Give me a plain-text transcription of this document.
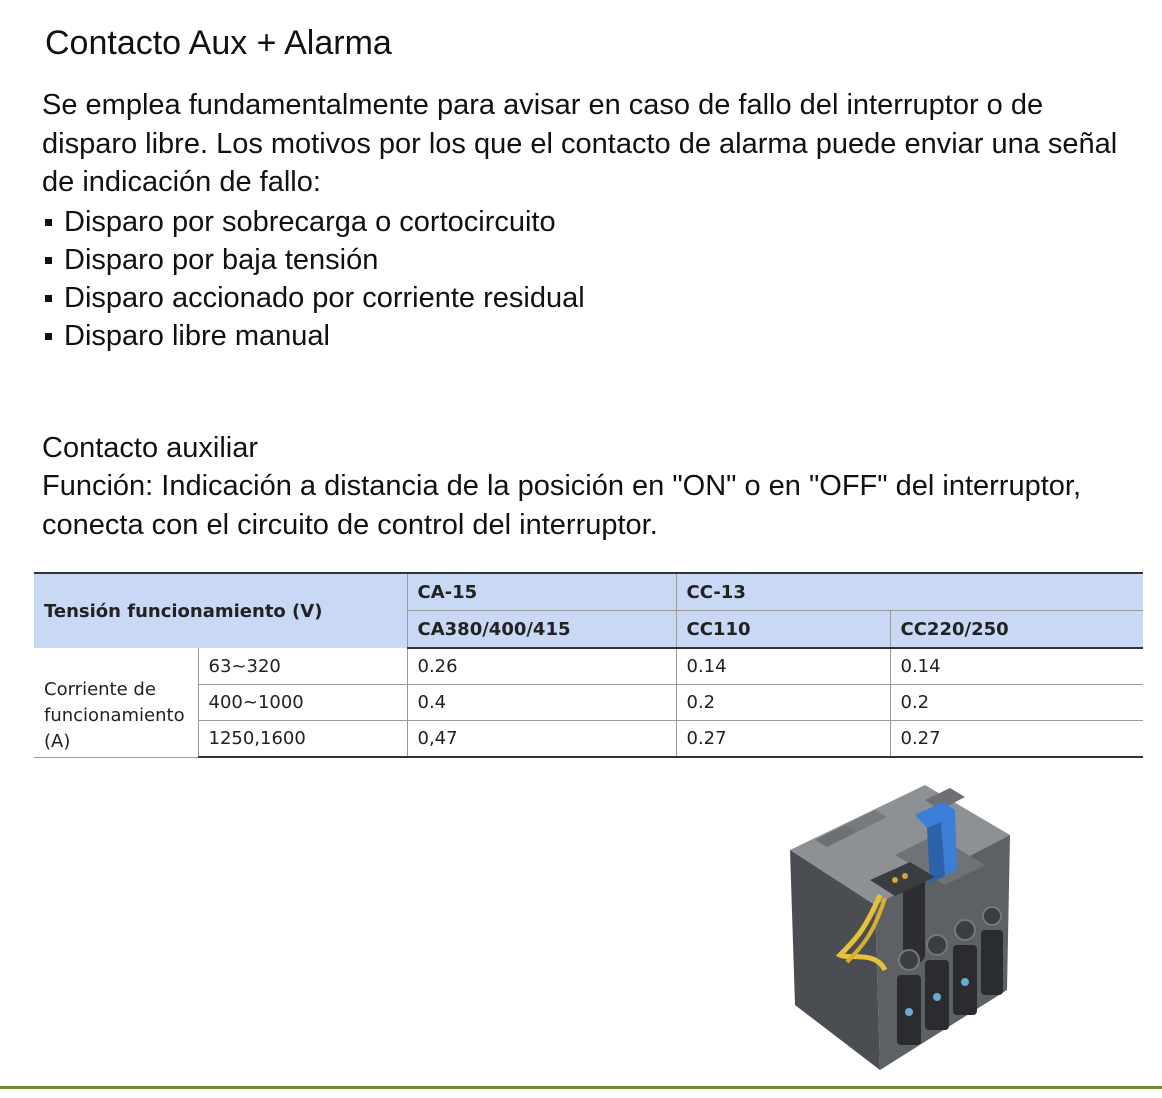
Contacto Aux + Alarma
Se emplea fundamentalmente para avisar en caso de fallo del interruptor o de disparo libre. Los motivos por los que el contacto de alarma puede enviar una señal de indicación de fallo:
Disparo por sobrecarga o cortocircuito
Disparo por baja tensión
Disparo accionado por corriente residual
Disparo libre manual
Contacto auxiliar
Función: Indicación a distancia de la posición en "ON" o en "OFF" del interruptor, conecta con el circuito de control del interruptor.
Tensión funcionamiento (V)		CA-15	CC-13	
		CA380/400/415	CC110	CC220/250
Corriente de funcionamiento (A)	63~320	0.26	0.14	0.14
	400~1000	0.4	0.2	0.2
	1250,1600	0,47	0.27	0.27
